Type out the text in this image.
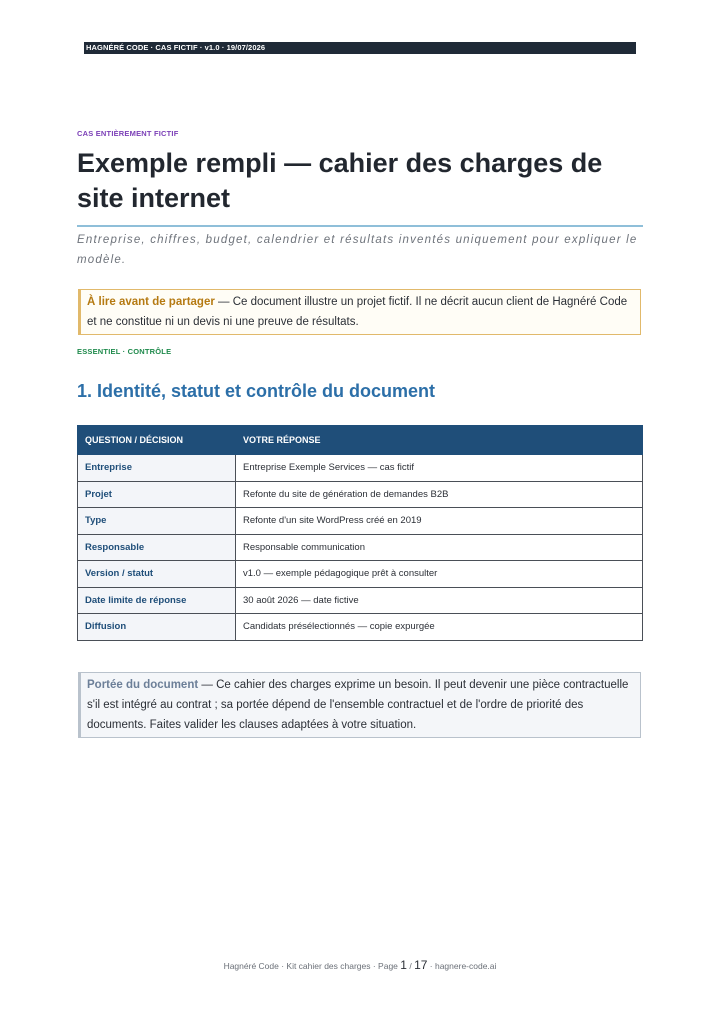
HAGNÉRÉ CODE · CAS FICTIF · v1.0 · 19/07/2026
CAS ENTIÈREMENT FICTIF
Exemple rempli — cahier des charges de site internet

Entreprise, chiffres, budget, calendrier et résultats inventés uniquement pour expliquer le modèle.

À lire avant de partager — Ce document illustre un projet fictif. Il ne décrit aucun client de Hagnéré Code et ne constitue ni un devis ni une preuve de résultats.
ESSENTIEL · CONTRÔLE
1. Identité, statut et contrôle du document
QUESTION / DÉCISION	VOTRE RÉPONSE
Entreprise	Entreprise Exemple Services — cas fictif
Projet	Refonte du site de génération de demandes B2B
Type	Refonte d'un site WordPress créé en 2019
Responsable	Responsable communication
Version / statut	v1.0 — exemple pédagogique prêt à consulter
Date limite de réponse	30 août 2026 — date fictive
Diffusion	Candidats présélectionnés — copie expurgée
Portée du document — Ce cahier des charges exprime un besoin. Il peut devenir une pièce contractuelle s'il est intégré au contrat ; sa portée dépend de l'ensemble contractuel et de l'ordre de priorité des documents. Faites valider les clauses adaptées à votre situation.
Hagnéré Code · Kit cahier des charges · Page 1 / 17 · hagnere-code.ai
